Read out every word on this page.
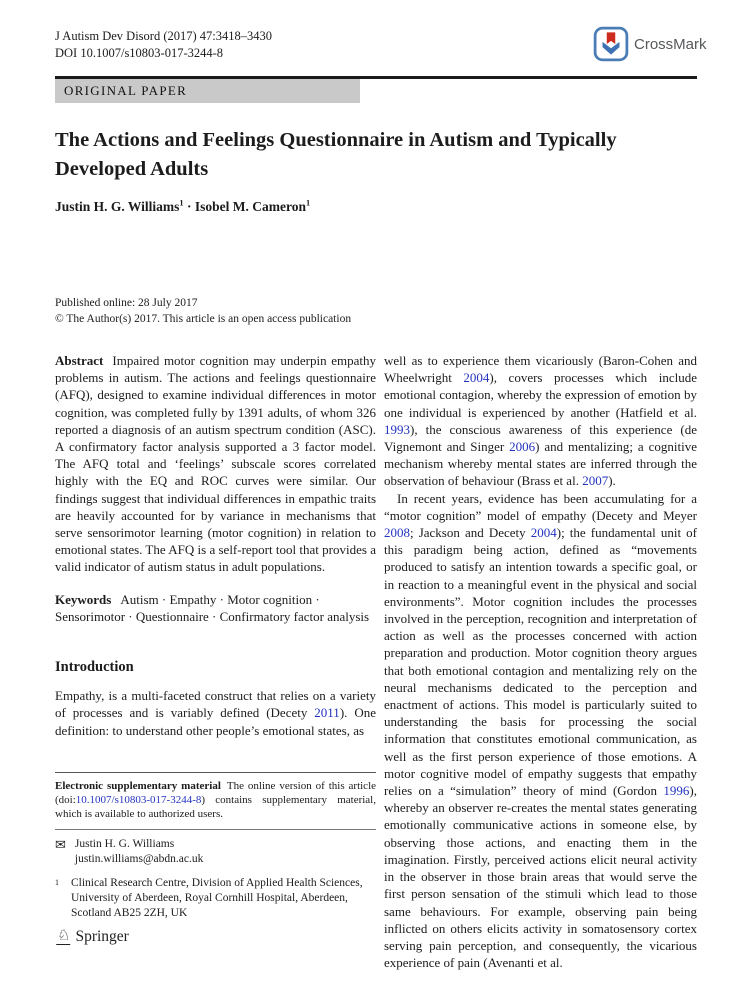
J Autism Dev Disord (2017) 47:3418–3430
DOI 10.1007/s10803-017-3244-8	CrossMark
ORIGINAL PAPER
The Actions and Feelings Questionnaire in Autism and Typically Developed Adults
Justin H. G. Williams$^1$ · Isobel M. Cameron$^1$
Published online: 28 July 2017
© The Author(s) 2017. This article is an open access publication

Abstract Impaired motor cognition may underpin empathy problems in autism. The actions and feelings questionnaire (AFQ), designed to examine individual differences in motor cognition, was completed fully by 1391 adults, of whom 326 reported a diagnosis of an autism spectrum condition (ASC). A confirmatory factor analysis supported a 3 factor model. The AFQ total and ‘feelings’ subscale scores correlated highly with the EQ and ROC curves were similar. Our findings suggest that individual differences in empathic traits are heavily accounted for by variance in mechanisms that serve sensorimotor learning (motor cognition) in relation to emotional states. The AFQ is a self-report tool that provides a valid indicator of autism status in adult populations.

Keywords Autism · Empathy · Motor cognition · Sensorimotor · Questionnaire · Confirmatory factor analysis

Introduction

Empathy, is a multi-faceted construct that relies on a variety of processes and is variably defined (Decety 2011). One definition: to understand other people’s emotional states, as

well as to experience them vicariously (Baron-Cohen and Wheelwright 2004), covers processes which include emotional contagion, whereby the expression of emotion by one individual is experienced by another (Hatfield et al. 1993), the conscious awareness of this experience (de Vignemont and Singer 2006) and mentalizing; a cognitive mechanism whereby mental states are inferred through the observation of behaviour (Brass et al. 2007).

In recent years, evidence has been accumulating for a “motor cognition” model of empathy (Decety and Meyer 2008; Jackson and Decety 2004); the fundamental unit of this paradigm being action, defined as “movements produced to satisfy an intention towards a specific goal, or in reaction to a meaningful event in the physical and social environments”. Motor cognition includes the processes involved in the perception, recognition and interpretation of action as well as the processes concerned with action preparation and production. Motor cognition theory argues that both emotional contagion and mentalizing rely on the neural mechanisms dedicated to the perception and enactment of actions. This model is particularly suited to understanding the basis for processing the social information that constitutes emotional communication, as well as the first person experience of those emotions. A motor cognitive model of empathy suggests that empathy relies on a “simulation” theory of mind (Gordon 1996), whereby an observer re-creates the mental states generating emotionally communicative actions in someone else, by observing those actions, and enacting them in the imagination. Firstly, perceived actions elicit neural activity in the observer in those brain areas that would serve the first person sensation of the stimuli which lead to those same behaviours. For example, observing pain being inflicted on others elicits activity in somatosensory cortex serving pain perception, and consequently, the vicarious experience of pain (Avenanti et al.

Electronic supplementary material The online version of this article (doi:10.1007/s10803-017-3244-8) contains supplementary material, which is available to authorized users.

✉ Justin H. G. Williams
justin.williams@abdn.ac.uk
1 Clinical Research Centre, Division of Applied Health Sciences, University of Aberdeen, Royal Cornhill Hospital, Aberdeen, Scotland AB25 2ZH, UK
♘ Springer
